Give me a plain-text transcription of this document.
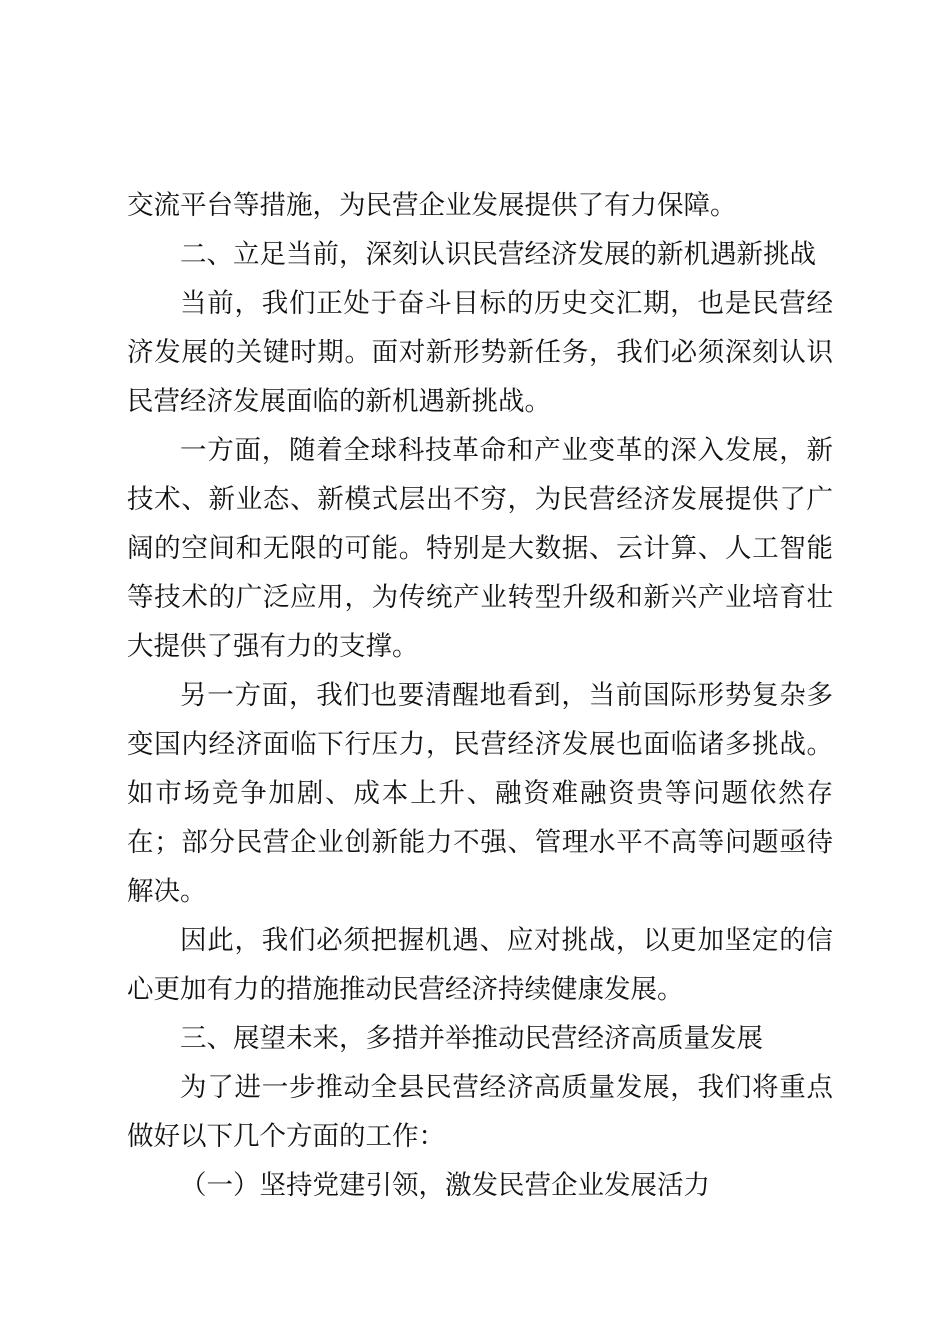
交流平台等措施，为民营企业发展提供了有力保障。

二、立足当前，深刻认识民营经济发展的新机遇新挑战

当前，我们正处于奋斗目标的历史交汇期，也是民营经济发展的关键时期。面对新形势新任务，我们必须深刻认识民营经济发展面临的新机遇新挑战。

一方面，随着全球科技革命和产业变革的深入发展，新技术、新业态、新模式层出不穷，为民营经济发展提供了广阔的空间和无限的可能。特别是大数据、云计算、人工智能等技术的广泛应用，为传统产业转型升级和新兴产业培育壮大提供了强有力的支撑。

另一方面，我们也要清醒地看到，当前国际形势复杂多变国内经济面临下行压力，民营经济发展也面临诸多挑战。如市场竞争加剧、成本上升、融资难融资贵等问题依然存在；部分民营企业创新能力不强、管理水平不高等问题亟待解决。

因此，我们必须把握机遇、应对挑战，以更加坚定的信心更加有力的措施推动民营经济持续健康发展。

三、展望未来，多措并举推动民营经济高质量发展

为了进一步推动全县民营经济高质量发展，我们将重点做好以下几个方面的工作：

（一）坚持党建引领，激发民营企业发展活力
